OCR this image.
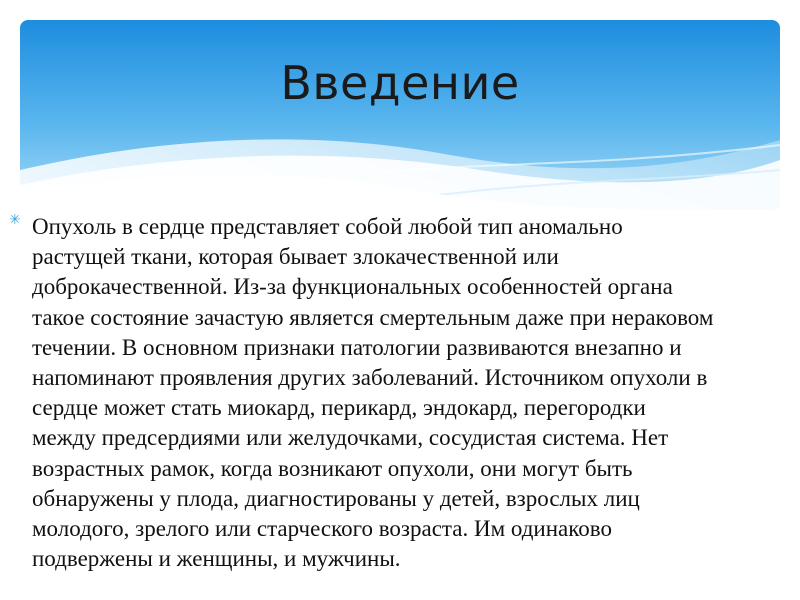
Введение
✳ Опухоль в сердце представляет собой любой тип аномально
растущей ткани, которая бывает злокачественной или
доброкачественной. Из-за функциональных особенностей органа
такое состояние зачастую является смертельным даже при нераковом
течении. В основном признаки патологии развиваются внезапно и
напоминают проявления других заболеваний. Источником опухоли в
сердце может стать миокард, перикард, эндокард, перегородки
между предсердиями или желудочками, сосудистая система. Нет
возрастных рамок, когда возникают опухоли, они могут быть
обнаружены у плода, диагностированы у детей, взрослых лиц
молодого, зрелого или старческого возраста. Им одинаково
подвержены и женщины, и мужчины.
